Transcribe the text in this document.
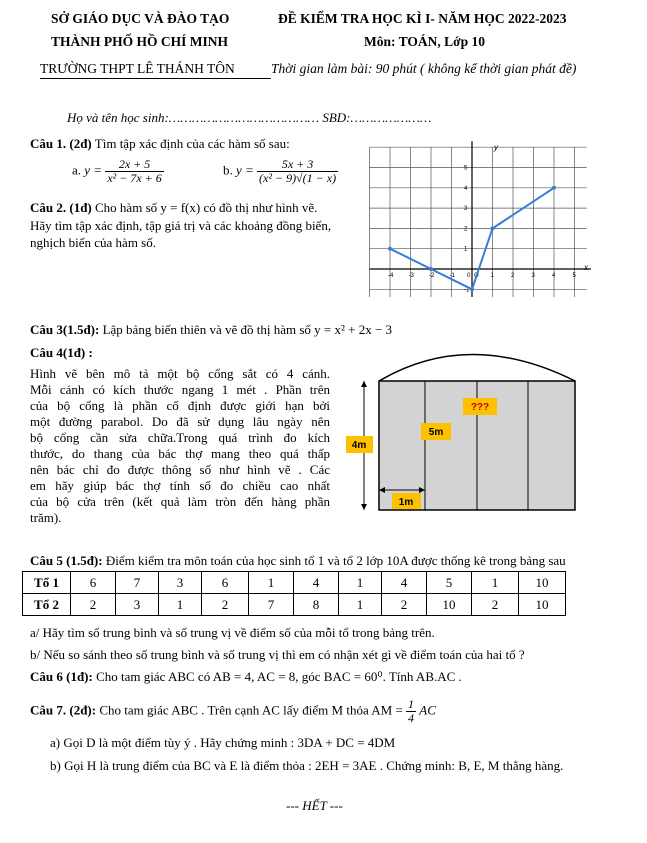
SỞ GIÁO DỤC VÀ ĐÀO TẠO
THÀNH PHỐ HỒ CHÍ MINH
TRƯỜNG THPT LÊ THÁNH TÔN
ĐỀ KIỂM TRA HỌC KÌ I- NĂM HỌC 2022-2023
Môn: TOÁN, Lớp 10
Thời gian làm bài: 90 phút ( không kể thời gian phát đề)
Họ và tên học sinh:………………………………… SBD:…………………
Câu 1. (2đ) Tìm tập xác định của các hàm số sau:
a. $y = \frac{2x + 5}{\text{x² − 7x + 6}}$	b. $y = \frac{5x + 3}{\text{(x² − 9)√(1 − x)}}$
Câu 2. (1đ) Cho hàm số y = f(x) có đồ thị như hình vẽ.
Hãy tìm tập xác định, tập giá trị và các khoảng đồng biến,
nghịch biến của hàm số.
-4	-3	-2	-1 0	1	2	3	4	5
-1
1
2
3
4
5
O
x
y
Câu 3(1.5đ): Lập bảng biến thiên và vẽ đồ thị hàm số y = x² + 2x − 3
Câu 4(1đ) :
Hình vẽ bên mô tả một bộ cổng sắt có 4 cánh.
Mỗi cánh có kích thước ngang 1 mét . Phần trên
của bộ cổng là phần cố định được giới hạn bởi
một đường parabol. Do đã sử dụng lâu ngày nên
bộ cổng cần sửa chữa.Trong quá trình đo kích
thước, do thang của bác thợ mang theo quá thấp
nên bác chỉ đo được thông số như hình vẽ . Các
em hãy giúp bác thợ tính số đo chiều cao nhất
của bộ cửa trên (kết quả làm tròn đến hàng phần
trăm).
4m
5m
???
1m
Câu 5 (1.5đ): Điểm kiểm tra môn toán của học sinh tổ 1 và tổ 2 lớp 10A được thống kê trong bảng sau
Tổ 1	6	7	3	6	1	4	1	4	5	1	10
Tổ 2	2	3	1	2	7	8	1	2	10	2	10
a/ Hãy tìm số trung bình và số trung vị về điểm số của mỗi tổ trong bảng trên.
b/ Nếu so sánh theo số trung bình và số trung vị thì em có nhận xét gì về điểm toán của hai tổ ?
Câu 6 (1đ): Cho tam giác ABC có AB = 4, AC = 8, góc BAC = 60⁰. Tính AB.AC .
Câu 7. (2đ): Cho tam giác ABC . Trên cạnh AC lấy điểm M thỏa AM = $\frac{1}{4}$ AC
a) Gọi D là một điểm tùy ý . Hãy chứng minh : 3DA + DC = 4DM
b) Gọi H là trung điểm của BC và E là điểm thỏa : 2EH = 3AE . Chứng minh: B, E, M thẳng hàng.
--- HẾT ---
